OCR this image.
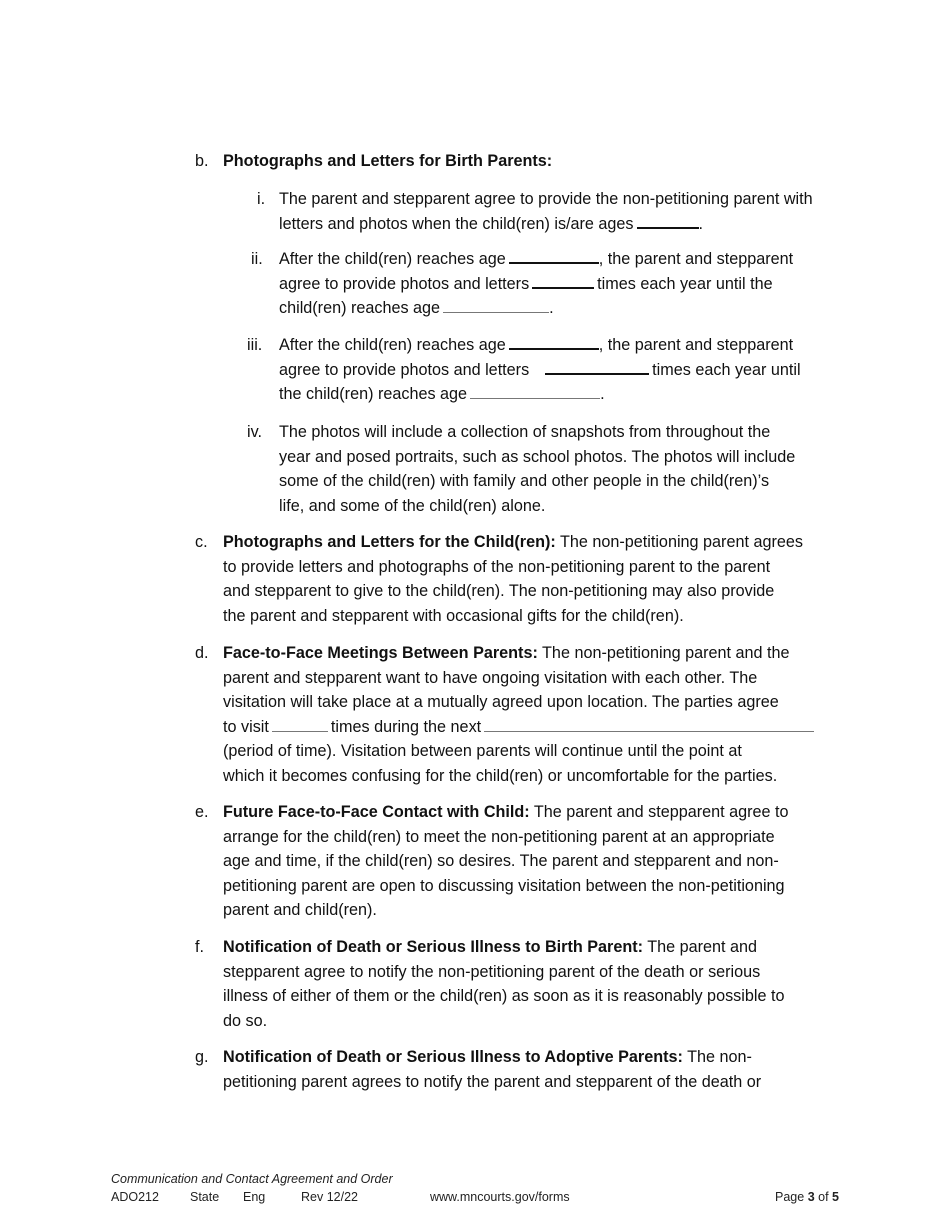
b. Photographs and Letters for Birth Parents:
i. The parent and stepparent agree to provide the non-petitioning parent with
letters and photos when the child(ren) is/are ages	.
ii. After the child(ren) reaches age	, the parent and stepparent
agree to provide photos and letters	times each year until the
child(ren) reaches age	.
iii. After the child(ren) reaches age	, the parent and stepparent
agree to provide photos and letters	times each year until
the child(ren) reaches age	.
iv. The photos will include a collection of snapshots from throughout the
year and posed portraits, such as school photos. The photos will include
some of the child(ren) with family and other people in the child(ren)’s
life, and some of the child(ren) alone.
c. Photographs and Letters for the Child(ren): The non-petitioning parent agrees
to provide letters and photographs of the non-petitioning parent to the parent
and stepparent to give to the child(ren). The non-petitioning may also provide
the parent and stepparent with occasional gifts for the child(ren).
d. Face-to-Face Meetings Between Parents: The non-petitioning parent and the
parent and stepparent want to have ongoing visitation with each other. The
visitation will take place at a mutually agreed upon location. The parties agree
to visit	times during the next
(period of time). Visitation between parents will continue until the point at
which it becomes confusing for the child(ren) or uncomfortable for the parties.
e. Future Face-to-Face Contact with Child: The parent and stepparent agree to
arrange for the child(ren) to meet the non-petitioning parent at an appropriate
age and time, if the child(ren) so desires. The parent and stepparent and non-
petitioning parent are open to discussing visitation between the non-petitioning
parent and child(ren).
f. Notification of Death or Serious Illness to Birth Parent: The parent and
stepparent agree to notify the non-petitioning parent of the death or serious
illness of either of them or the child(ren) as soon as it is reasonably possible to
do so.
g. Notification of Death or Serious Illness to Adoptive Parents: The non-
petitioning parent agrees to notify the parent and stepparent of the death or
Communication and Contact Agreement and Order
ADO212 State Eng	Rev 12/22	www.mncourts.gov/forms	Page 3 of 5
